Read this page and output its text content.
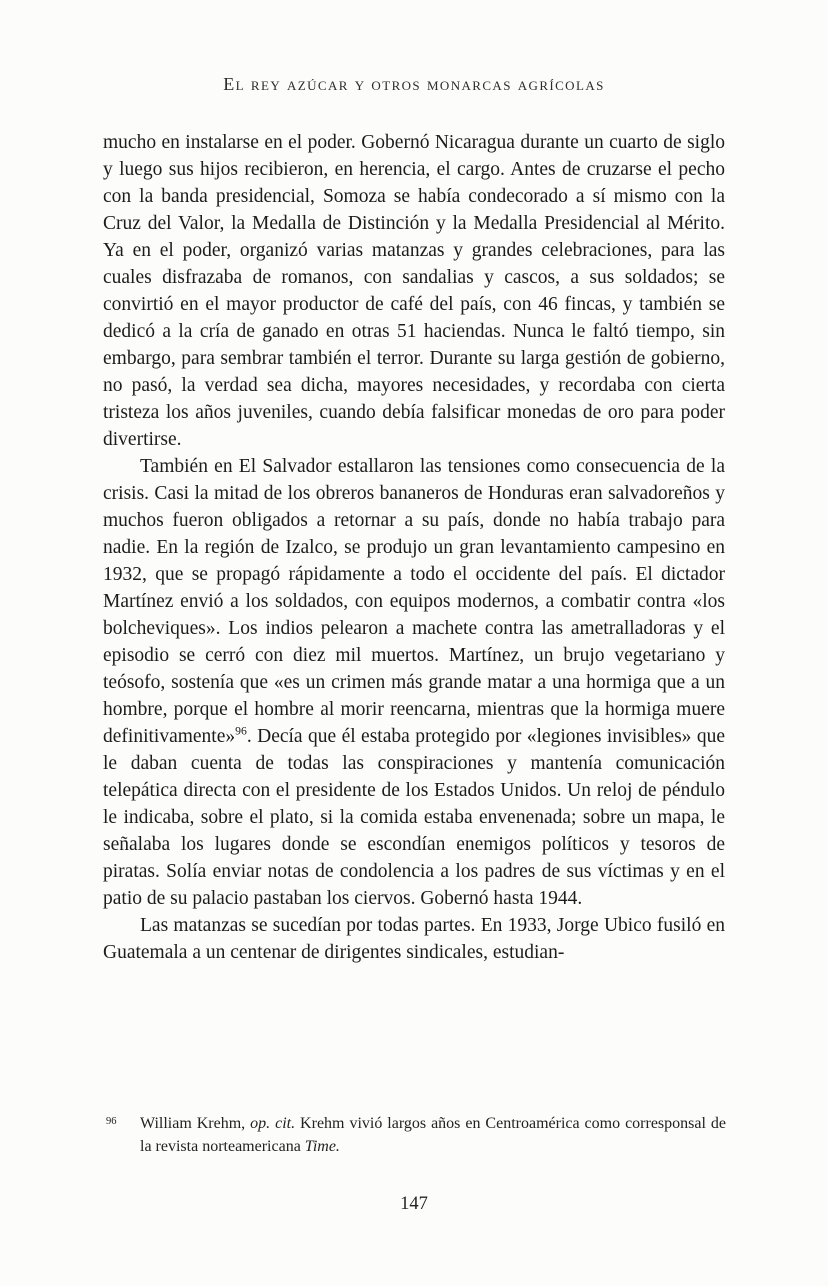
El rey azúcar y otros monarcas agrícolas

mucho en instalarse en el poder. Gobernó Nicaragua durante un cuarto de siglo y luego sus hijos recibieron, en herencia, el cargo. Antes de cruzarse el pecho con la banda presidencial, Somoza se había condecorado a sí mismo con la Cruz del Valor, la Medalla de Distinción y la Medalla Presidencial al Mérito. Ya en el poder, organizó varias matanzas y grandes celebraciones, para las cuales disfrazaba de romanos, con sandalias y cascos, a sus soldados; se convirtió en el mayor productor de café del país, con 46 fincas, y también se dedicó a la cría de ganado en otras 51 haciendas. Nunca le faltó tiempo, sin embargo, para sembrar también el terror. Durante su larga gestión de gobierno, no pasó, la verdad sea dicha, mayores necesidades, y recordaba con cierta tristeza los años juveniles, cuando debía falsificar monedas de oro para poder divertirse.

También en El Salvador estallaron las tensiones como consecuencia de la crisis. Casi la mitad de los obreros bananeros de Honduras eran salvadoreños y muchos fueron obligados a retornar a su país, donde no había trabajo para nadie. En la región de Izalco, se produjo un gran levantamiento campesino en 1932, que se propagó rápidamente a todo el occidente del país. El dictador Martínez envió a los soldados, con equipos modernos, a combatir contra «los bolcheviques». Los indios pelearon a machete contra las ametralladoras y el episodio se cerró con diez mil muertos. Martínez, un brujo vegetariano y teósofo, sostenía que «es un crimen más grande matar a una hormiga que a un hombre, porque el hombre al morir reencarna, mientras que la hormiga muere definitivamente»$^{96}$. Decía que él estaba protegido por «legiones invisibles» que le daban cuenta de todas las conspiraciones y mantenía comunicación telepática directa con el presidente de los Estados Unidos. Un reloj de péndulo le indicaba, sobre el plato, si la comida estaba envenenada; sobre un mapa, le señalaba los lugares donde se escondían enemigos políticos y tesoros de piratas. Solía enviar notas de condolencia a los padres de sus víctimas y en el patio de su palacio pastaban los ciervos. Gobernó hasta 1944.

Las matanzas se sucedían por todas partes. En 1933, Jorge Ubico fusiló en Guatemala a un centenar de dirigentes sindicales, estudian-

96	William Krehm, op. cit. Krehm vivió largos años en Centroamérica como corresponsal de la revista norteamericana Time.
147
